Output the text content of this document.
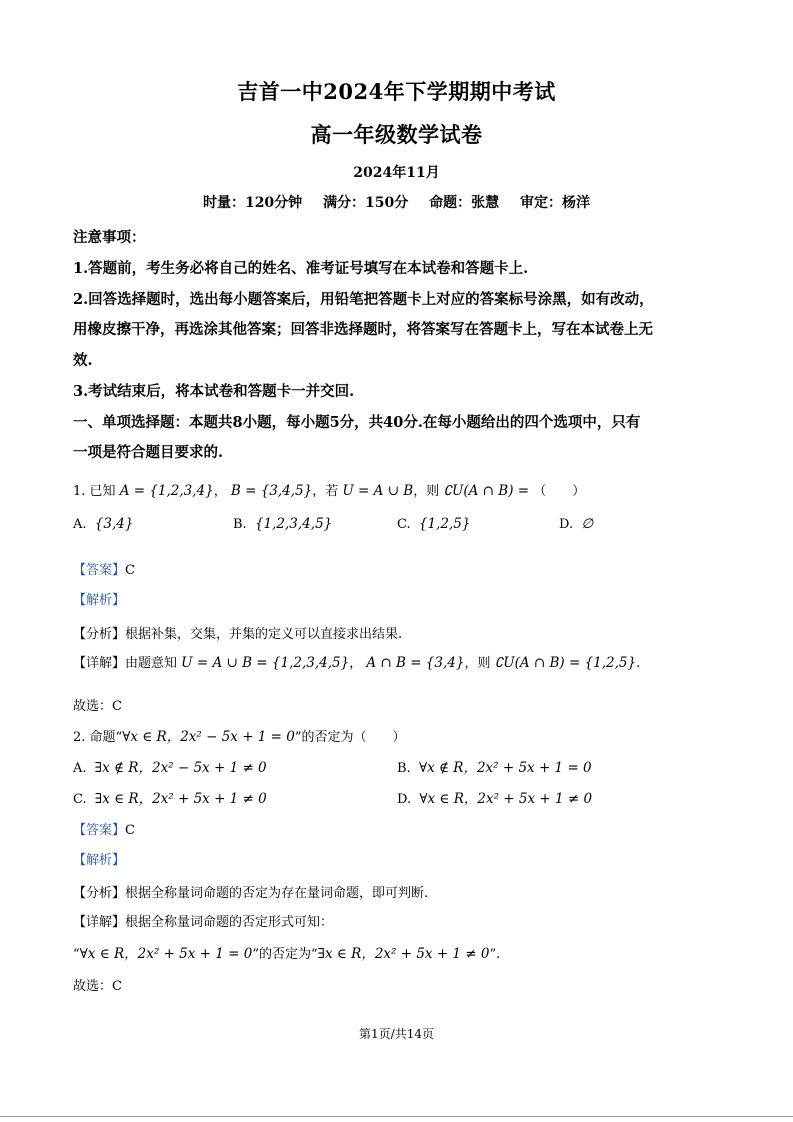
吉首一中2024年下学期期中考试
高一年级数学试卷
2024年11月
时量：120分钟 满分：150分 命题：张慧 审定：杨洋
注意事项：
1.答题前，考生务必将自己的姓名、准考证号填写在本试卷和答题卡上.
2.回答选择题时，选出每小题答案后，用铅笔把答题卡上对应的答案标号涂黑，如有改动，
用橡皮擦干净，再选涂其他答案；回答非选择题时，将答案写在答题卡上，写在本试卷上无
效.
3.考试结束后，将本试卷和答题卡一并交回.
一、单项选择题：本题共8小题，每小题5分，共40分.在每小题给出的四个选项中，只有
一项是符合题目要求的.
1. 已知 A = {1,2,3,4}， B = {3,4,5}，若 U = A ∪ B，则 ∁U(A ∩ B) = （　　）
A. {3,4}	B. {1,2,3,4,5}	C. {1,2,5}	D. ∅
【答案】C
【解析】
【分析】根据补集，交集，并集的定义可以直接求出结果.
【详解】由题意知 U = A ∪ B = {1,2,3,4,5}， A ∩ B = {3,4}，则 ∁U(A ∩ B) = {1,2,5}.
故选：C
2. 命题“∀x ∈ R，2x² − 5x + 1 = 0”的否定为（　　）
A. ∃x ∉ R，2x² − 5x + 1 ≠ 0	B. ∀x ∉ R，2x² + 5x + 1 = 0
C. ∃x ∈ R，2x² + 5x + 1 ≠ 0	D. ∀x ∈ R，2x² + 5x + 1 ≠ 0
【答案】C
【解析】
【分析】根据全称量词命题的否定为存在量词命题，即可判断.
【详解】根据全称量词命题的否定形式可知：
“∀x ∈ R，2x² + 5x + 1 = 0”的否定为“∃x ∈ R，2x² + 5x + 1 ≠ 0”.
故选：C
第1页/共14页
